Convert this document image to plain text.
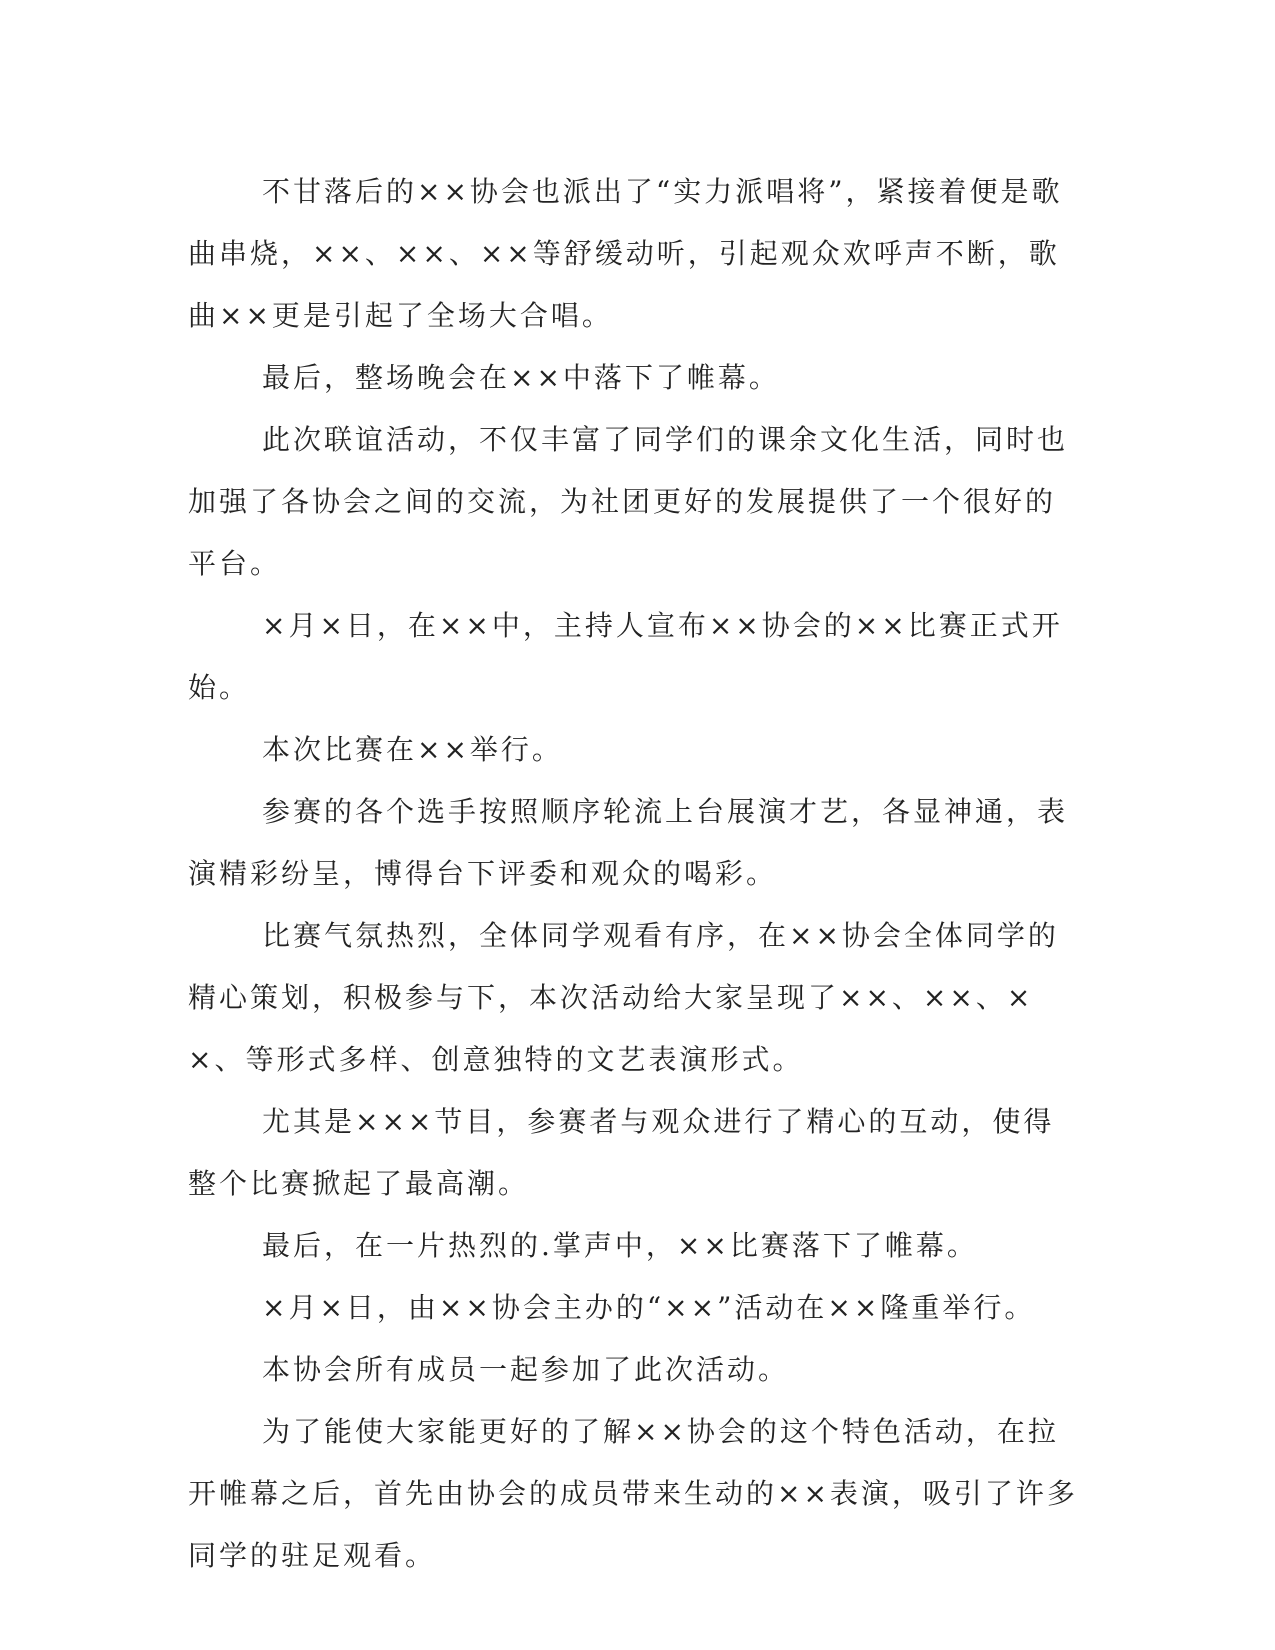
不甘落后的××协会也派出了“实力派唱将”，紧接着便是歌曲串烧，××、××、××等舒缓动听，引起观众欢呼声不断，歌曲××更是引起了全场大合唱。

最后，整场晚会在××中落下了帷幕。

此次联谊活动，不仅丰富了同学们的课余文化生活，同时也加强了各协会之间的交流，为社团更好的发展提供了一个很好的平台。

×月×日，在××中，主持人宣布××协会的××比赛正式开始。

本次比赛在××举行。

参赛的各个选手按照顺序轮流上台展演才艺，各显神通，表演精彩纷呈，博得台下评委和观众的喝彩。

比赛气氛热烈，全体同学观看有序，在××协会全体同学的精心策划，积极参与下，本次活动给大家呈现了××、××、××、等形式多样、创意独特的文艺表演形式。

尤其是×××节目，参赛者与观众进行了精心的互动，使得整个比赛掀起了最高潮。

最后，在一片热烈的.掌声中，××比赛落下了帷幕。

×月×日，由××协会主办的“××”活动在××隆重举行。

本协会所有成员一起参加了此次活动。

为了能使大家能更好的了解××协会的这个特色活动，在拉开帷幕之后，首先由协会的成员带来生动的××表演，吸引了许多同学的驻足观看。
